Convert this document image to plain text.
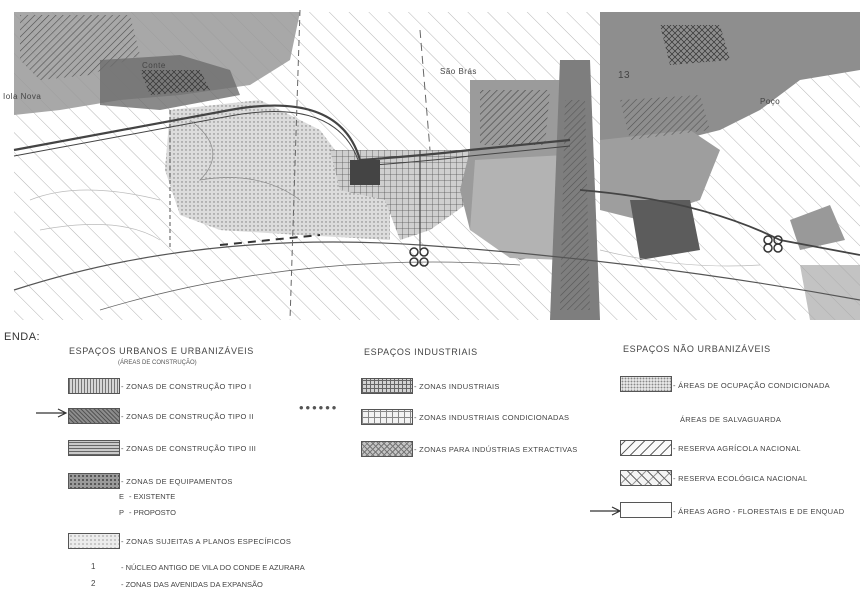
Iola Nova
São Brás
Poço
13
Conte
ENDA:
ESPAÇOS URBANOS E URBANIZÁVEIS
(ÁREAS DE CONSTRUÇÃO)
- ZONAS DE CONSTRUÇÃO TIPO I
- ZONAS DE CONSTRUÇÃO TIPO II
- ZONAS DE CONSTRUÇÃO TIPO III
- ZONAS DE EQUIPAMENTOS
E - EXISTENTE
P - PROPOSTO
- ZONAS SUJEITAS A PLANOS ESPECÍFICOS
1	- NÚCLEO ANTIGO DE VILA DO CONDE E AZURARA
2	- ZONAS DAS AVENIDAS DA EXPANSÃO
••••••
ESPAÇOS INDUSTRIAIS
- ZONAS INDUSTRIAIS
- ZONAS INDUSTRIAIS CONDICIONADAS
- ZONAS PARA INDÚSTRIAS EXTRACTIVAS
ESPAÇOS NÃO URBANIZÁVEIS
- ÁREAS DE OCUPAÇÃO CONDICIONADA
ÁREAS DE SALVAGUARDA
- RESERVA AGRÍCOLA NACIONAL
- RESERVA ECOLÓGICA NACIONAL
- ÁREAS AGRO - FLORESTAIS E DE ENQUAD
